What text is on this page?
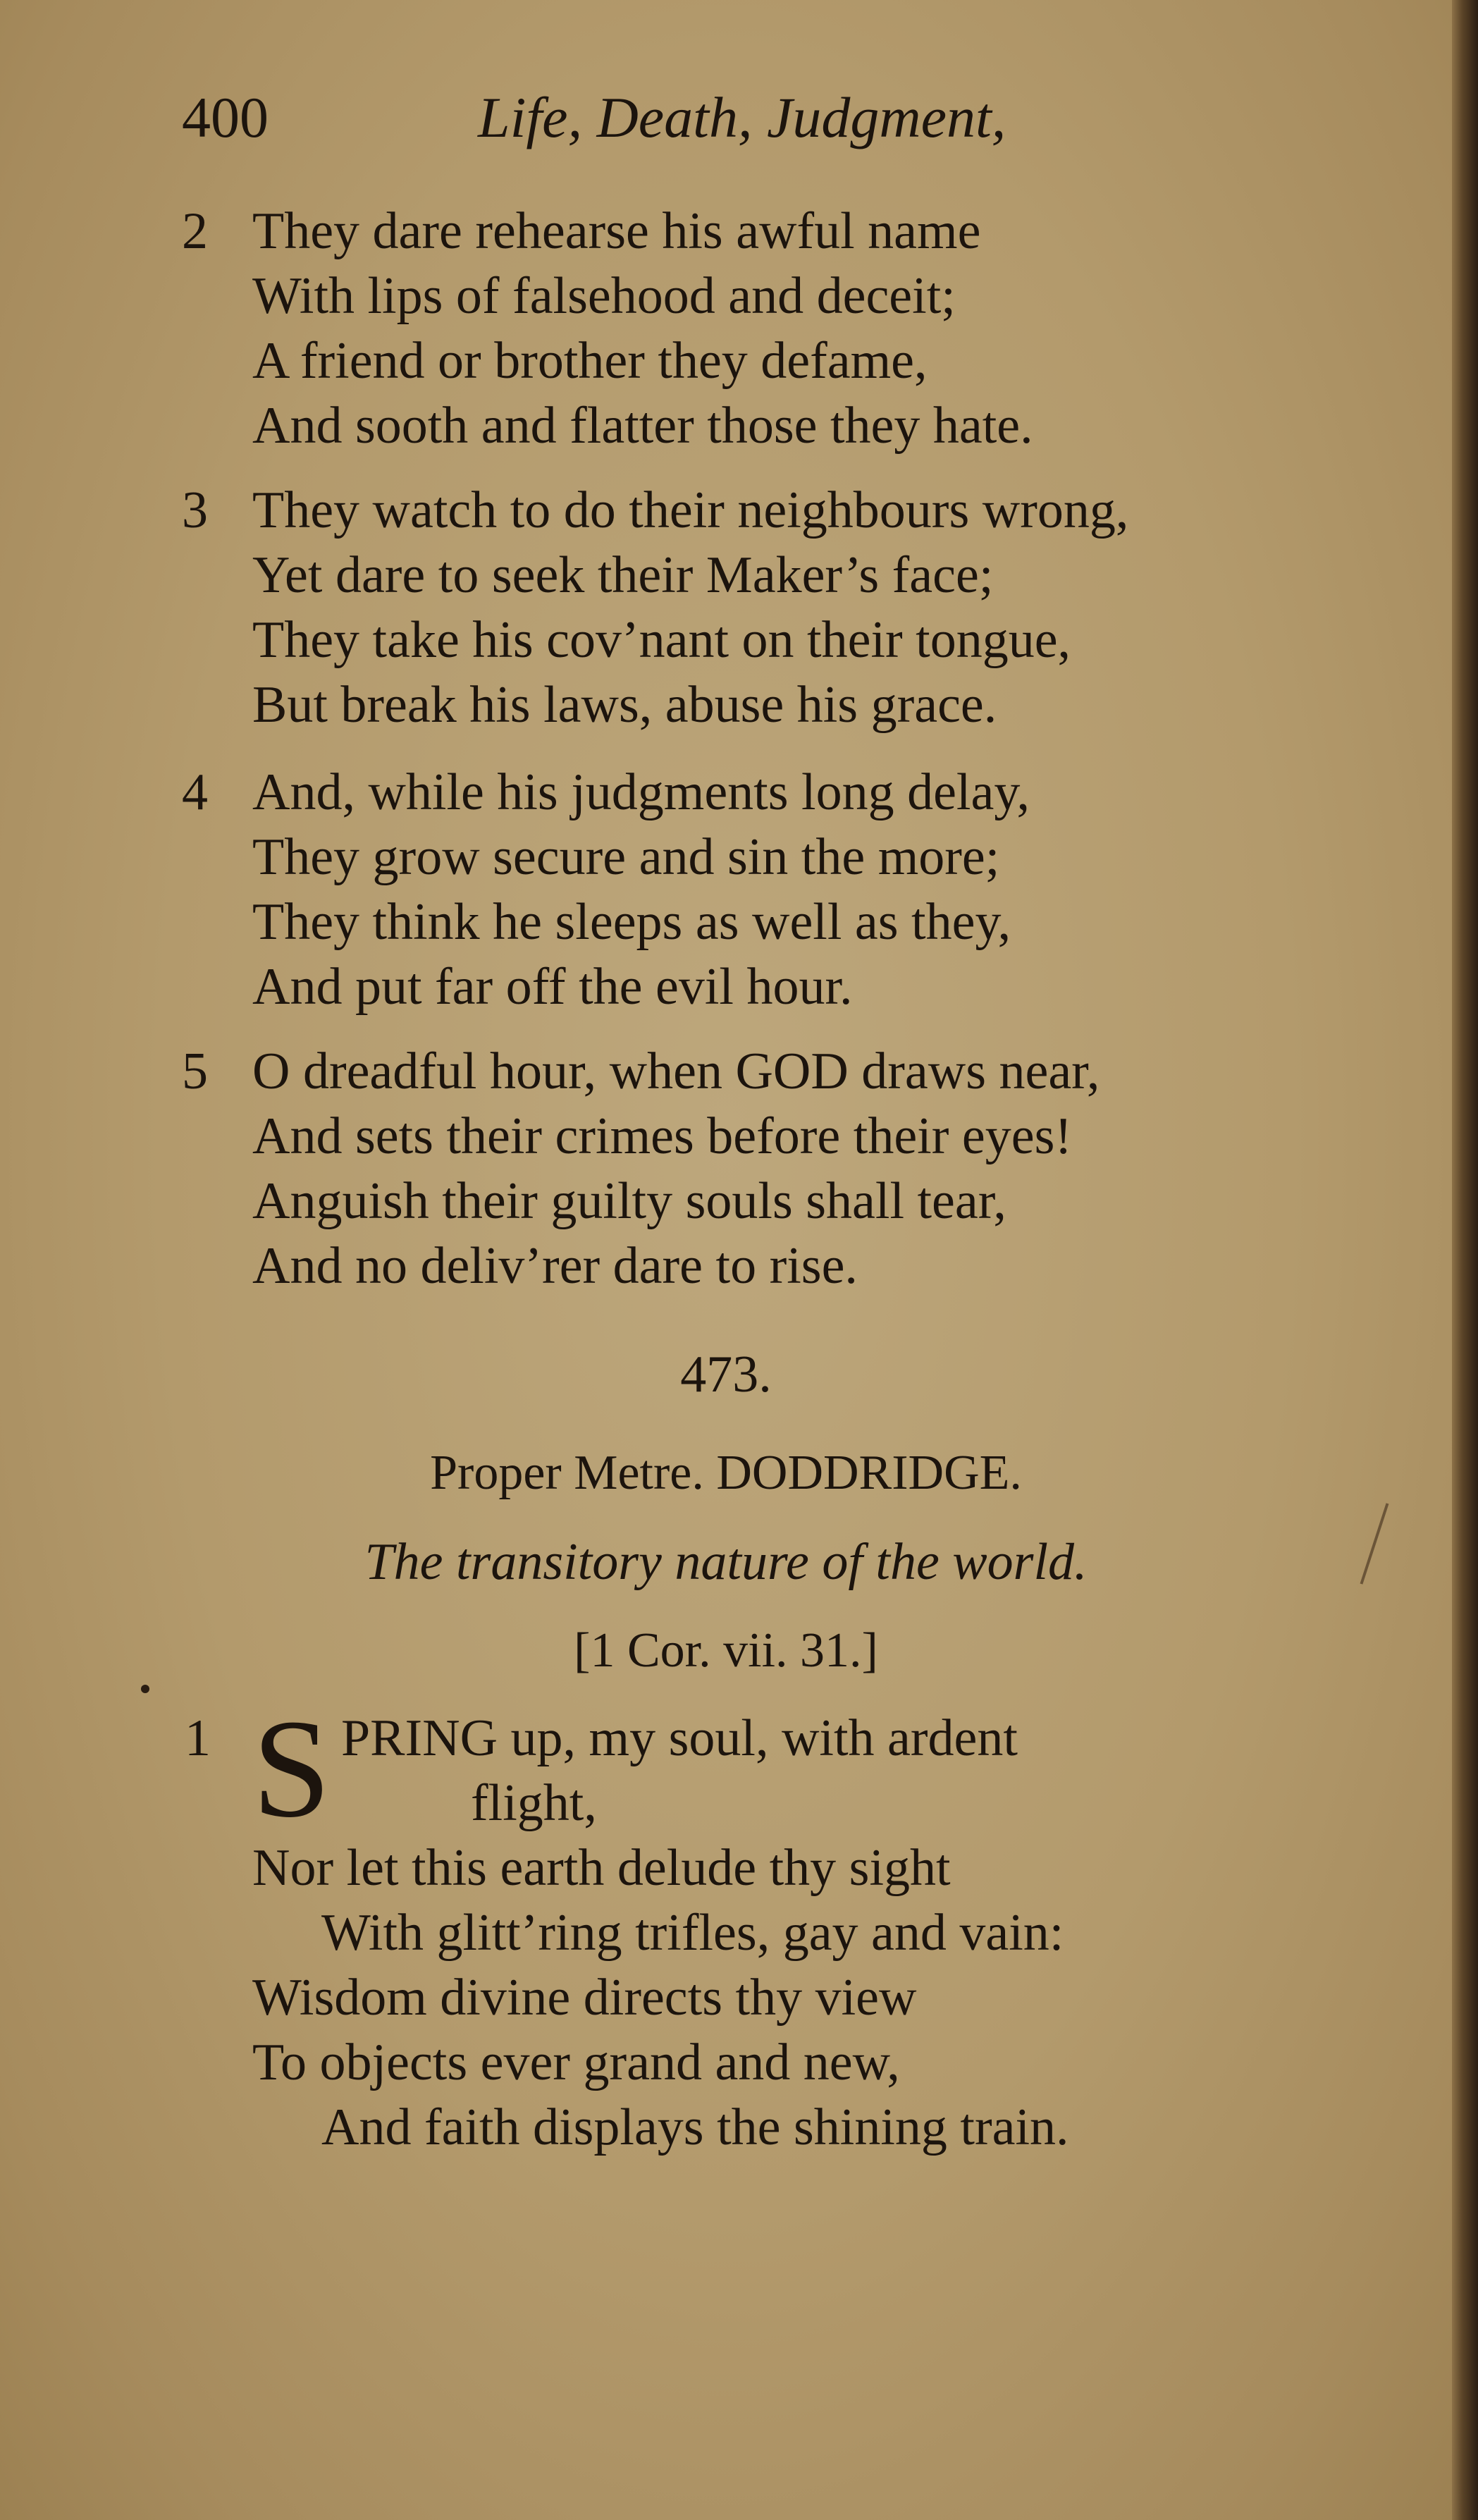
400	Life, Death, Judgment,
2 They dare rehearse his awful name
With lips of falsehood and deceit;
A friend or brother they defame,
And sooth and flatter those they hate.
3 They watch to do their neighbours wrong,
Yet dare to seek their Maker’s face;
They take his cov’nant on their tongue,
But break his laws, abuse his grace.
4 And, while his judgments long delay,
They grow secure and sin the more;
They think he sleeps as well as they,
And put far off the evil hour.
5 O dreadful hour, when GOD draws near,
And sets their crimes before their eyes!
Anguish their guilty souls shall tear,
And no deliv’rer dare to rise.
473.
Proper Metre. DODDRIDGE.
The transitory nature of the world.
[1 Cor. vii. 31.]
1 S PRING up, my soul, with ardent
flight,
Nor let this earth delude thy sight
With glitt’ring trifles, gay and vain:
Wisdom divine directs thy view
To objects ever grand and new,
And faith displays the shining train.
